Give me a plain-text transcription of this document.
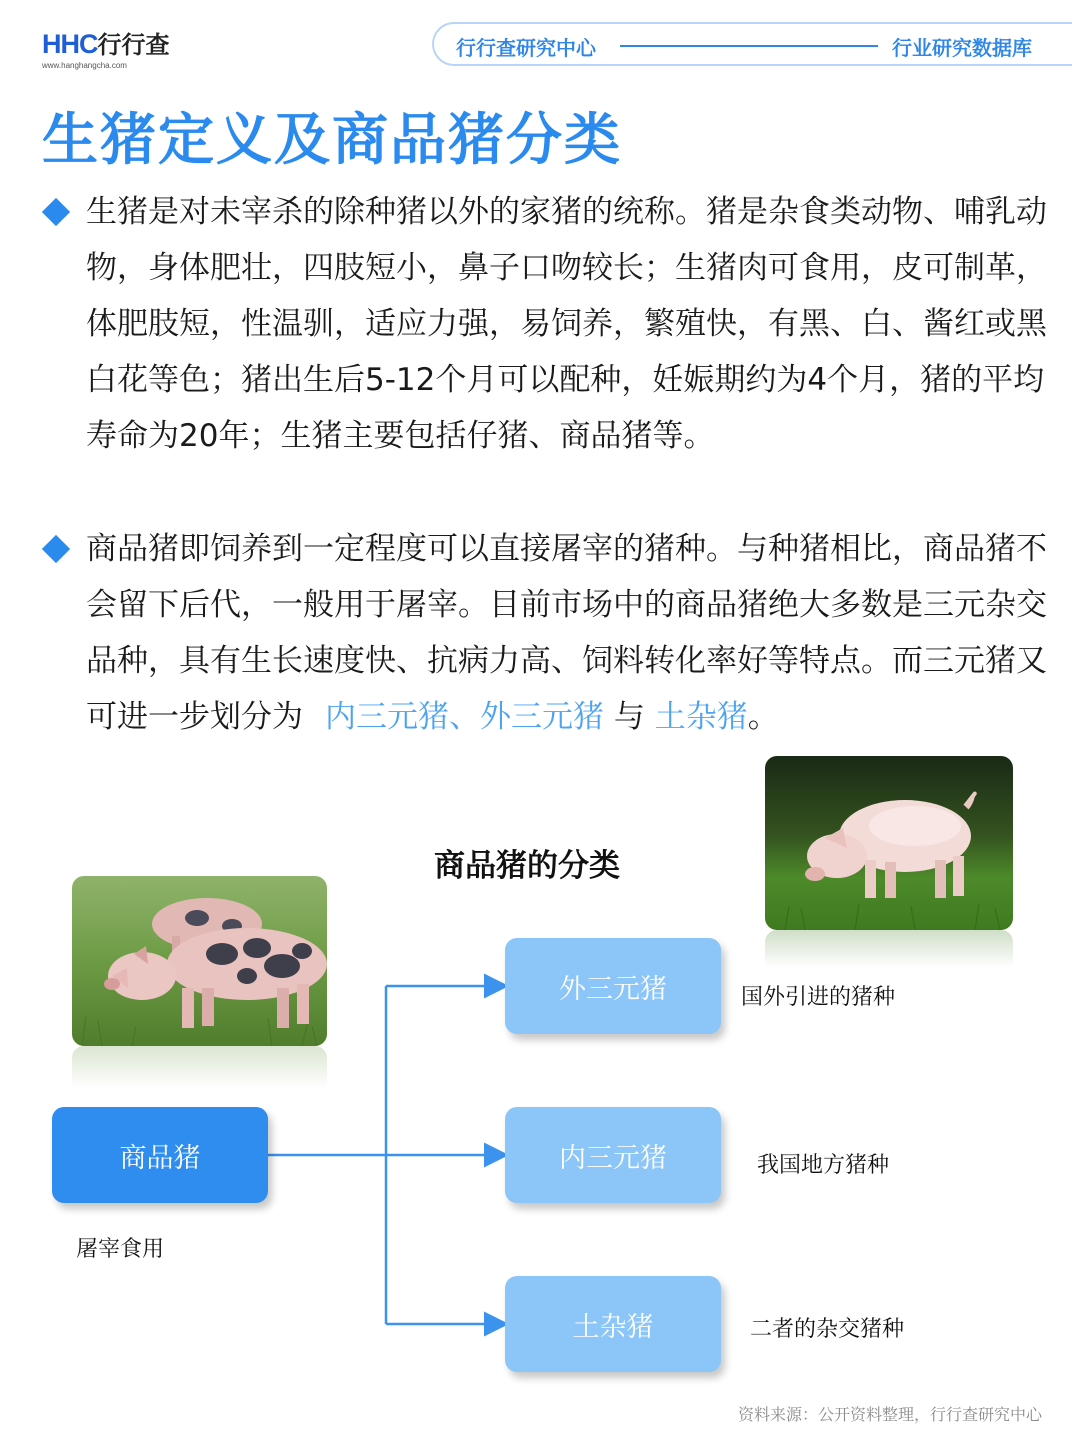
HHC行行查
www.hanghangcha.com
行行查研究中心	行业研究数据库
生猪定义及商品猪分类
生猪是对未宰杀的除种猪以外的家猪的统称。猪是杂食类动物、哺乳动物，身体肥壮，四肢短小，鼻子口吻较长；生猪肉可食用，皮可制革，体肥肢短，性温驯，适应力强，易饲养，繁殖快，有黑、白、酱红或黑白花等色；猪出生后5-12个月可以配种，妊娠期约为4个月，猪的平均寿命为20年；生猪主要包括仔猪、商品猪等。
商品猪即饲养到一定程度可以直接屠宰的猪种。与种猪相比，商品猪不会留下后代，一般用于屠宰。目前市场中的商品猪绝大多数是三元杂交品种，具有生长速度快、抗病力高、饲料转化率好等特点。而三元猪又可进一步划分为 内三元猪、外三元猪 与 土杂猪。
商品猪的分类
商品猪
屠宰食用
外三元猪	国外引进的猪种
内三元猪	我国地方猪种
土杂猪	二者的杂交猪种
资料来源：公开资料整理，行行查研究中心
